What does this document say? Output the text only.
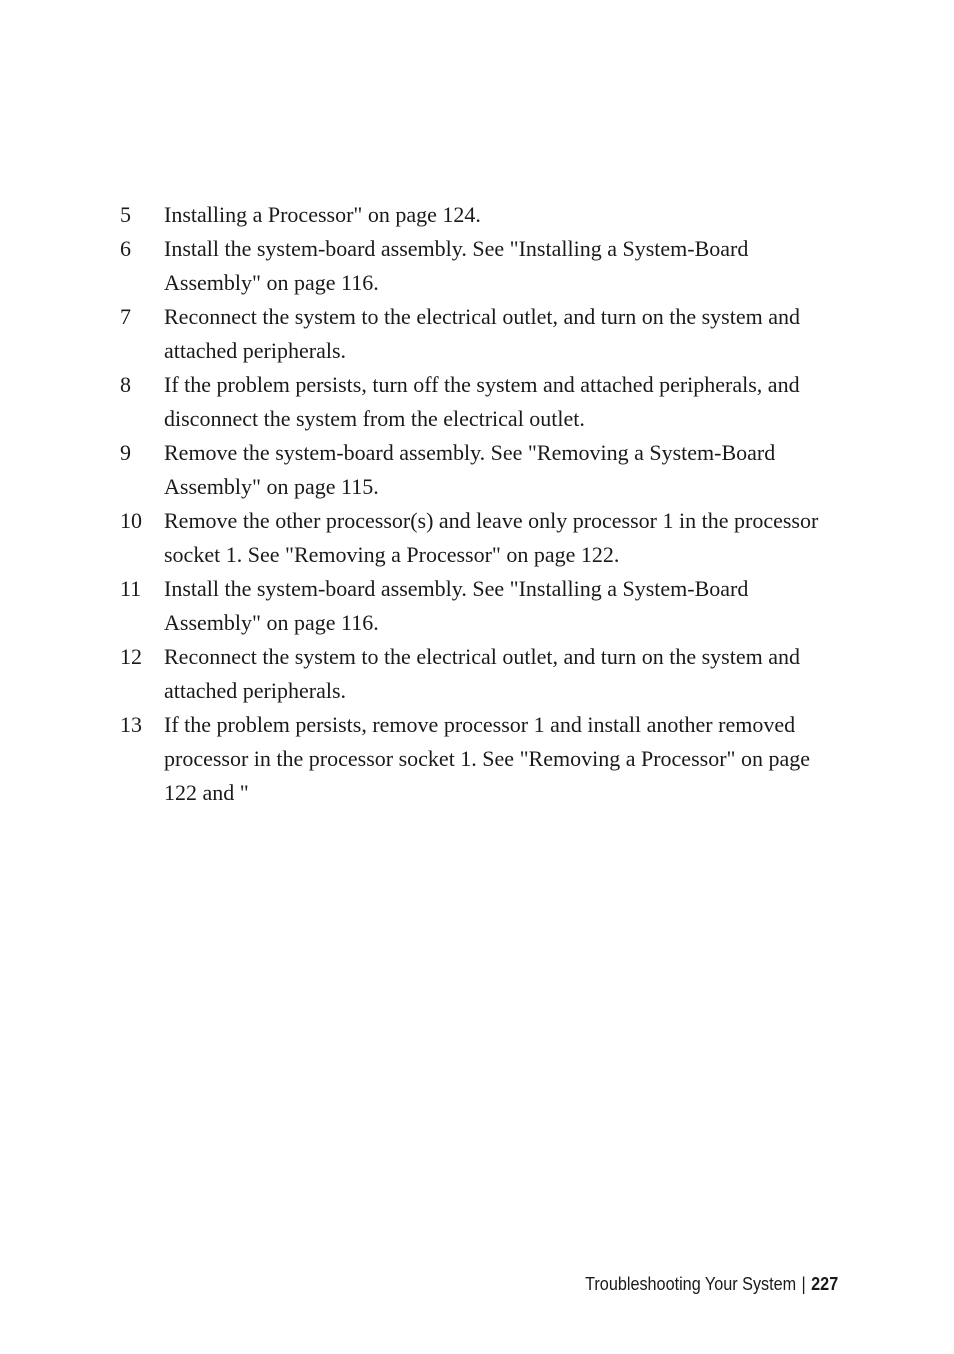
5	Installing a Processor" on page 124.
6	Install the system-board assembly. See "Installing a System-Board Assembly" on page 116.
7	Reconnect the system to the electrical outlet, and turn on the system and attached peripherals.
8	If the problem persists, turn off the system and attached peripherals, and disconnect the system from the electrical outlet.
9	Remove the system-board assembly. See "Removing a System-Board Assembly" on page 115.
10	Remove the other processor(s) and leave only processor 1 in the processor socket 1. See "Removing a Processor" on page 122.
11	Install the system-board assembly. See "Installing a System-Board Assembly" on page 116.
12	Reconnect the system to the electrical outlet, and turn on the system and attached peripherals.
13	If the problem persists, remove processor 1 and install another removed processor in the processor socket 1. See "Removing a Processor" on page 122 and "
Troubleshooting Your System | 227
